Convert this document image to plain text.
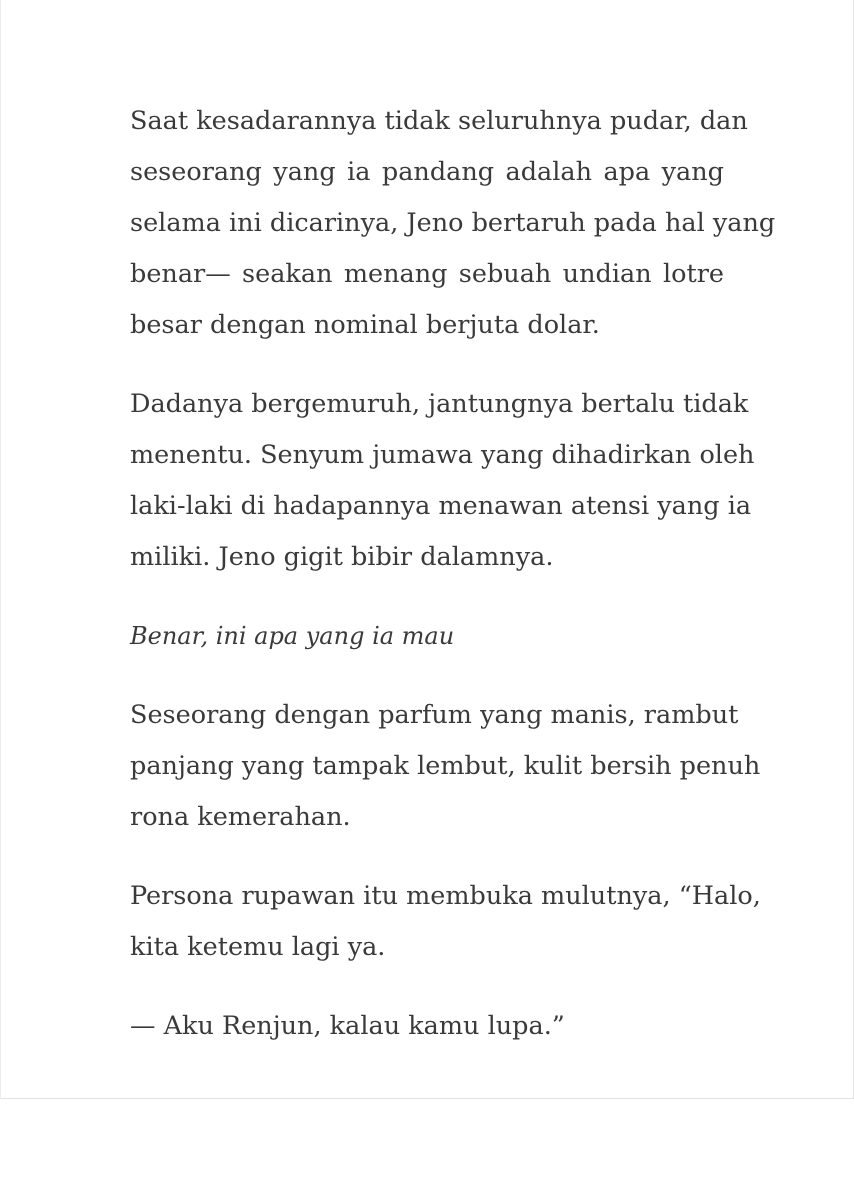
Saat kesadarannya tidak seluruhnya pudar, dan
seseorang yang ia pandang adalah apa yang
selama ini dicarinya, Jeno bertaruh pada hal yang
benar— seakan menang sebuah undian lotre
besar dengan nominal berjuta dolar.

Dadanya bergemuruh, jantungnya bertalu tidak
menentu. Senyum jumawa yang dihadirkan oleh
laki-laki di hadapannya menawan atensi yang ia
miliki. Jeno gigit bibir dalamnya.

Benar, ini apa yang ia mau

Seseorang dengan parfum yang manis, rambut
panjang yang tampak lembut, kulit bersih penuh
rona kemerahan.

Persona rupawan itu membuka mulutnya, “Halo,
kita ketemu lagi ya.

— Aku Renjun, kalau kamu lupa.”
